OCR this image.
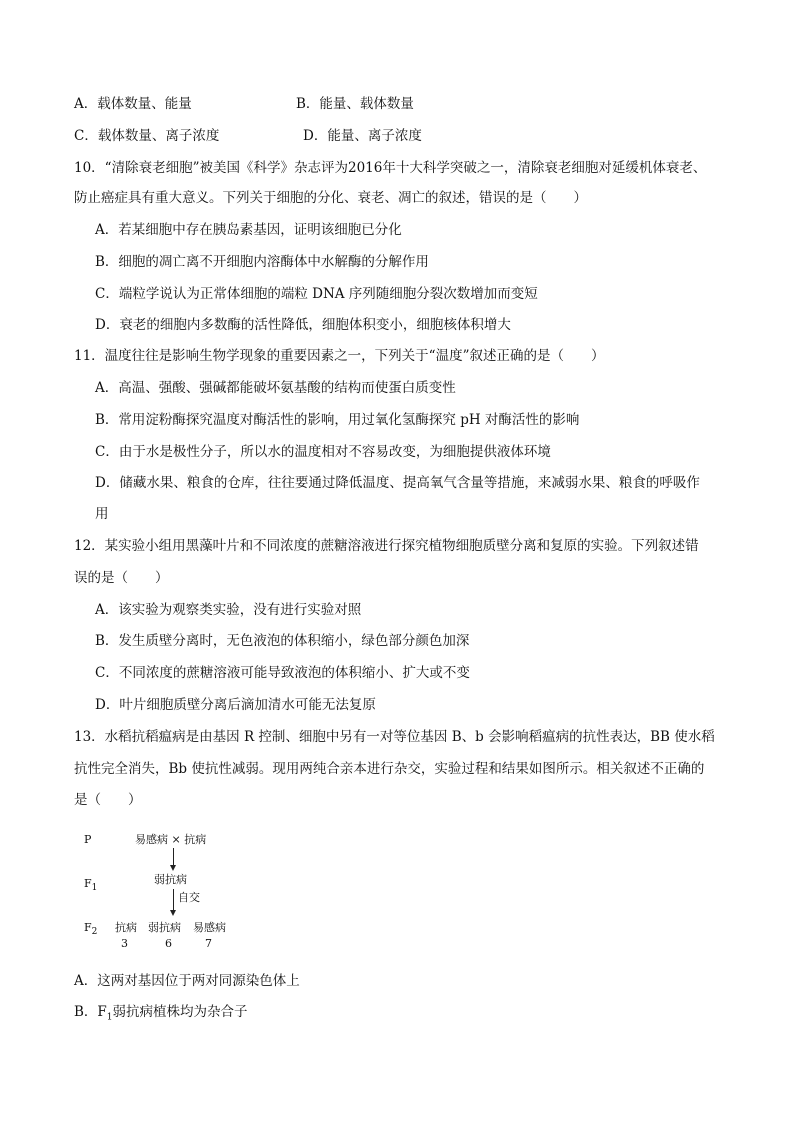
A．载体数量、能量	B．能量、载体数量
C．载体数量、离子浓度	D．能量、离子浓度
10．“清除衰老细胞”被美国《科学》杂志评为2016年十大科学突破之一，清除衰老细胞对延缓机体衰老、
防止癌症具有重大意义。下列关于细胞的分化、衰老、凋亡的叙述，错误的是（　　）
A．若某细胞中存在胰岛素基因，证明该细胞已分化
B．细胞的凋亡离不开细胞内溶酶体中水解酶的分解作用
C．端粒学说认为正常体细胞的端粒 DNA 序列随细胞分裂次数增加而变短
D．衰老的细胞内多数酶的活性降低，细胞体积变小，细胞核体积增大
11．温度往往是影响生物学现象的重要因素之一，下列关于“温度”叙述正确的是（　　）
A．高温、强酸、强碱都能破坏氨基酸的结构而使蛋白质变性
B．常用淀粉酶探究温度对酶活性的影响，用过氧化氢酶探究 pH 对酶活性的影响
C．由于水是极性分子，所以水的温度相对不容易改变，为细胞提供液体环境
D．储藏水果、粮食的仓库，往往要通过降低温度、提高氧气含量等措施，来减弱水果、粮食的呼吸作
用
12．某实验小组用黑藻叶片和不同浓度的蔗糖溶液进行探究植物细胞质壁分离和复原的实验。下列叙述错
误的是（　　）
A．该实验为观察类实验，没有进行实验对照
B．发生质壁分离时，无色液泡的体积缩小，绿色部分颜色加深
C．不同浓度的蔗糖溶液可能导致液泡的体积缩小、扩大或不变
D．叶片细胞质壁分离后滴加清水可能无法复原
13．水稻抗稻瘟病是由基因 R 控制、细胞中另有一对等位基因 B、b 会影响稻瘟病的抗性表达，BB 使水稻
抗性完全消失，Bb 使抗性减弱。现用两纯合亲本进行杂交，实验过程和结果如图所示。相关叙述不正确的
是（　　）
P	易感病 × 抗病
$F_1$
弱抗病
自交
$F_2$ 抗病 弱抗病 易感病
3	6	7
A．这两对基因位于两对同源染色体上
B．$F_1$弱抗病植株均为杂合子
